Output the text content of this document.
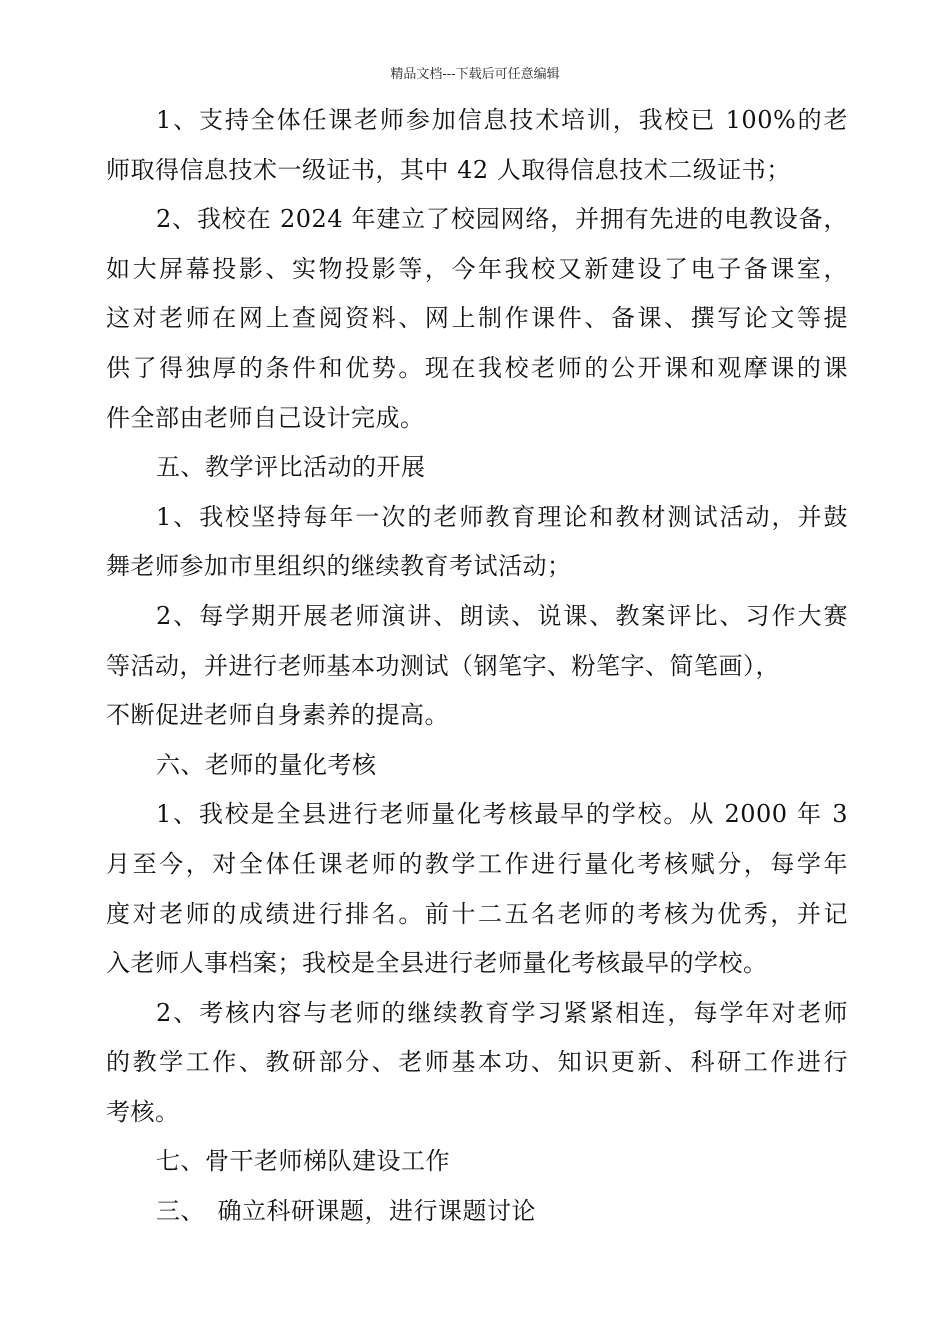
精品文档---下载后可任意编辑
1、支持全体任课老师参加信息技术培训，我校已 100%的老
师取得信息技术一级证书，其中 42 人取得信息技术二级证书；
2、我校在 2024 年建立了校园网络，并拥有先进的电教设备，
如大屏幕投影、实物投影等，今年我校又新建设了电子备课室，
这对老师在网上查阅资料、网上制作课件、备课、撰写论文等提
供了得独厚的条件和优势。现在我校老师的公开课和观摩课的课
件全部由老师自己设计完成。
五、教学评比活动的开展
1、我校坚持每年一次的老师教育理论和教材测试活动，并鼓
舞老师参加市里组织的继续教育考试活动；
2、每学期开展老师演讲、朗读、说课、教案评比、习作大赛
等活动，并进行老师基本功测试（钢笔字、粉笔字、简笔画），
不断促进老师自身素养的提高。
六、老师的量化考核
1、我校是全县进行老师量化考核最早的学校。从 2000 年 3
月至今，对全体任课老师的教学工作进行量化考核赋分，每学年
度对老师的成绩进行排名。前十二五名老师的考核为优秀，并记
入老师人事档案；我校是全县进行老师量化考核最早的学校。
2、考核内容与老师的继续教育学习紧紧相连，每学年对老师
的教学工作、教研部分、老师基本功、知识更新、科研工作进行
考核。
七、骨干老师梯队建设工作
三、　确立科研课题，进行课题讨论
